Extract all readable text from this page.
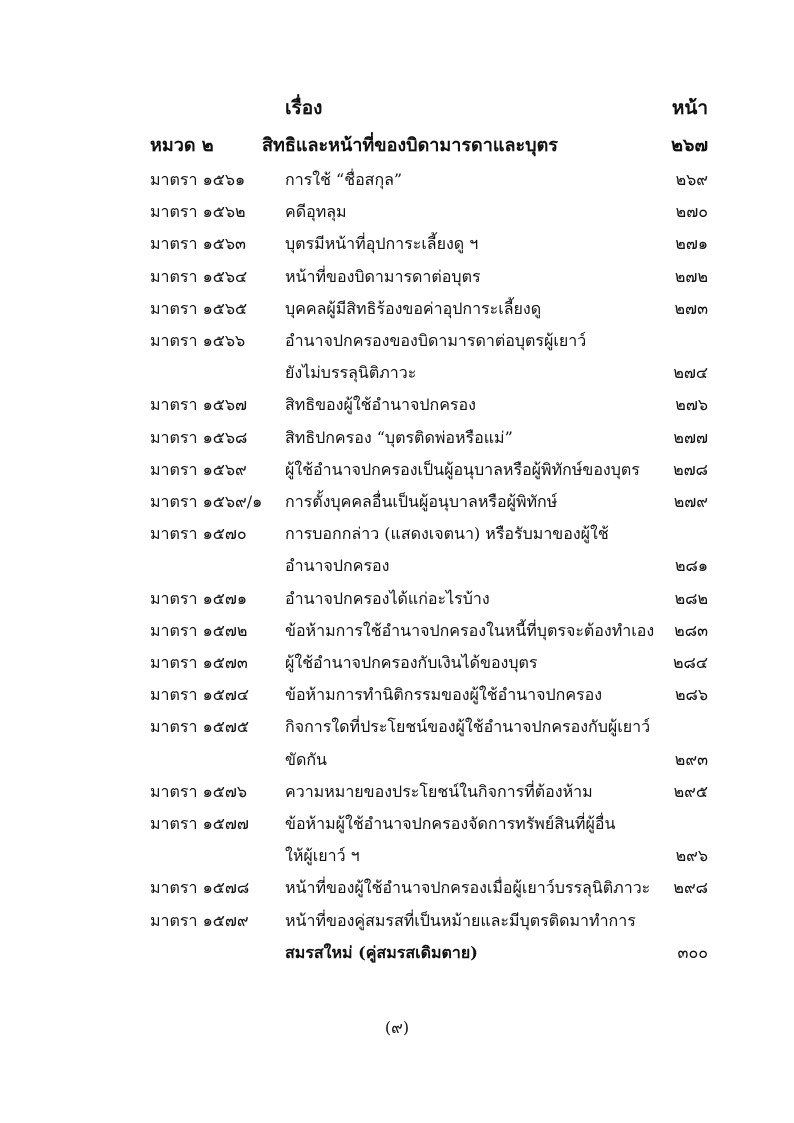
เรื่อง	หน้า
หมวด ๒	สิทธิและหน้าที่ของบิดามารดาและบุตร	๒๖๗
มาตรา ๑๕๖๑ การใช้ “ชื่อสกุล”	๒๖๙
มาตรา ๑๕๖๒ คดีอุทลุม	๒๗๐
มาตรา ๑๕๖๓ บุตรมีหน้าที่อุปการะเลี้ยงดู ฯ	๒๗๑
มาตรา ๑๕๖๔ หน้าที่ของบิดามารดาต่อบุตร	๒๗๒
มาตรา ๑๕๖๕ บุคคลผู้มีสิทธิร้องขอค่าอุปการะเลี้ยงดู	๒๗๓
มาตรา ๑๕๖๖ อำนาจปกครองของบิดามารดาต่อบุตรผู้เยาว์
ยังไม่บรรลุนิติภาวะ	๒๗๔
มาตรา ๑๕๖๗ สิทธิของผู้ใช้อำนาจปกครอง	๒๗๖
มาตรา ๑๕๖๘ สิทธิปกครอง “บุตรติดพ่อหรือแม่”	๒๗๗
มาตรา ๑๕๖๙ ผู้ใช้อำนาจปกครองเป็นผู้อนุบาลหรือผู้พิทักษ์ของบุตร ๒๗๘
มาตรา ๑๕๖๙/๑ การตั้งบุคคลอื่นเป็นผู้อนุบาลหรือผู้พิทักษ์	๒๗๙
มาตรา ๑๕๗๐ การบอกกล่าว (แสดงเจตนา) หรือรับมาของผู้ใช้
อำนาจปกครอง	๒๘๑
มาตรา ๑๕๗๑ อำนาจปกครองได้แก่อะไรบ้าง	๒๘๒
มาตรา ๑๕๗๒ ข้อห้ามการใช้อำนาจปกครองในหนี้ที่บุตรจะต้องทำเอง ๒๘๓
มาตรา ๑๕๗๓ ผู้ใช้อำนาจปกครองกับเงินได้ของบุตร	๒๘๔
มาตรา ๑๕๗๔ ข้อห้ามการทำนิติกรรมของผู้ใช้อำนาจปกครอง	๒๘๖
มาตรา ๑๕๗๕ กิจการใดที่ประโยชน์ของผู้ใช้อำนาจปกครองกับผู้เยาว์
ขัดกัน	๒๙๓
มาตรา ๑๕๗๖ ความหมายของประโยชน์ในกิจการที่ต้องห้าม	๒๙๕
มาตรา ๑๕๗๗ ข้อห้ามผู้ใช้อำนาจปกครองจัดการทรัพย์สินที่ผู้อื่น
ให้ผู้เยาว์ ฯ	๒๙๖
มาตรา ๑๕๗๘ หน้าที่ของผู้ใช้อำนาจปกครองเมื่อผู้เยาว์บรรลุนิติภาวะ ๒๙๘
มาตรา ๑๕๗๙ หน้าที่ของคู่สมรสที่เป็นหม้ายและมีบุตรติดมาทำการ
สมรสใหม่ (คู่สมรสเดิมตาย)	๓๐๐
(๙)
